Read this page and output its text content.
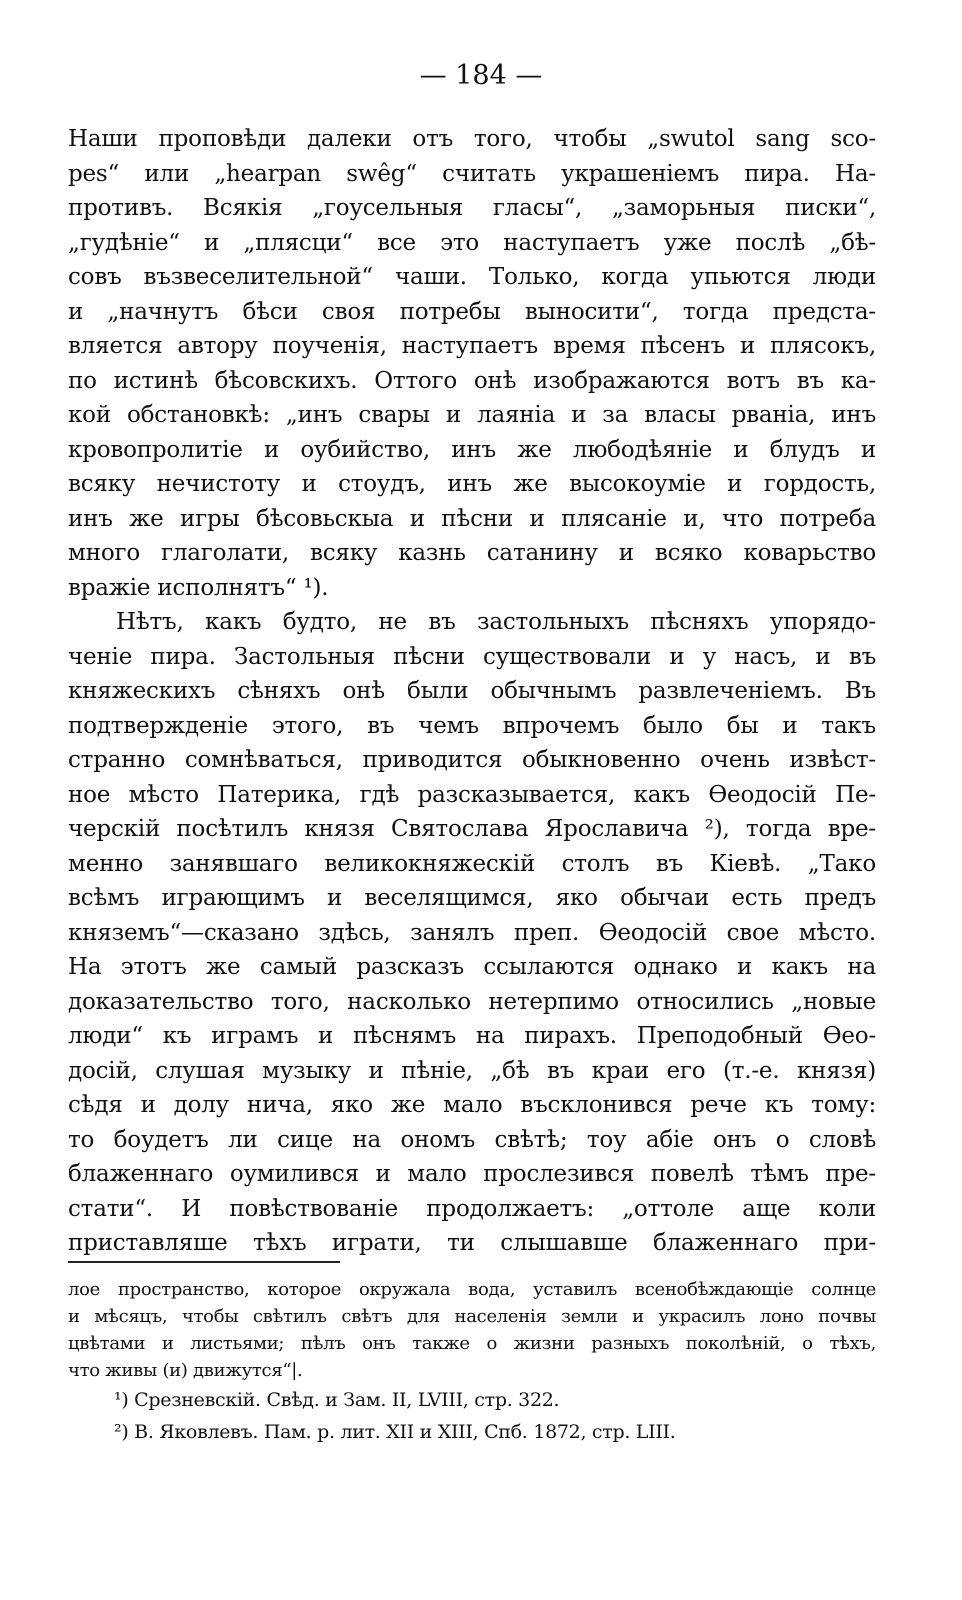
— 184 —
Наши проповѣди далеки отъ того, чтобы „swutol sang sco-
pes“ или „hearpan swêg“ считать украшеніемъ пира. На-
противъ. Всякія „гоусельныя гласы“, „заморьныя писки“,
„гудѣніе“ и „плясци“ все это наступаетъ уже послѣ „бѣ-
совъ възвеселительной“ чаши. Только, когда упьются люди
и „начнутъ бѣси своя потребы выносити“, тогда предста-
вляется автору поученія, наступаетъ время пѣсенъ и плясокъ,
по истинѣ бѣсовскихъ. Оттого онѣ изображаются вотъ въ ка-
кой обстановкѣ: „инъ свары и лаяніа и за власы рваніа, инъ
кровопролитіе и оубийство, инъ же любодѣяніе и блудъ и
всяку нечистоту и стоудъ, инъ же высокоуміе и гордость,
инъ же игры бѣсовьскыа и пѣсни и плясаніе и, что потреба
много глаголати, всяку казнь сатанину и всяко коварьство
вражіе исполнятъ“ ¹).
Нѣтъ, какъ будто, не въ застольныхъ пѣсняхъ упорядо-
ченіе пира. Застольныя пѣсни существовали и у насъ, и въ
княжескихъ сѣняхъ онѣ были обычнымъ развлеченіемъ. Въ
подтвержденіе этого, въ чемъ впрочемъ было бы и такъ
странно сомнѣваться, приводится обыкновенно очень извѣст-
ное мѣсто Патерика, гдѣ разсказывается, какъ Ѳеодосій Пе-
черскій посѣтилъ князя Святослава Ярославича ²), тогда вре-
менно занявшаго великокняжескій столъ въ Кіевѣ. „Тако
всѣмъ играющимъ и веселящимся, яко обычаи есть предъ
княземъ“—сказано здѣсь, занялъ преп. Ѳеодосій свое мѣсто.
На этотъ же самый разсказъ ссылаются однако и какъ на
доказательство того, насколько нетерпимо относились „новые
люди“ къ играмъ и пѣснямъ на пирахъ. Преподобный Ѳео-
досій, слушая музыку и пѣніе, „бѣ въ краи его (т.-е. князя)
сѣдя и долу нича, яко же мало въсклонився рече къ тому:
то боудетъ ли сице на ономъ свѣтѣ; тоу абіе онъ о словѣ
блаженнаго оумилився и мало прослезився повелѣ тѣмъ пре-
стати“. И повѣствованіе продолжаетъ: „оттоле аще коли
приставляше тѣхъ играти, ти слышавше блаженнаго при-
лое пространство, которое окружала вода, уставилъ всенобѣждающіе солнце
и мѣсяцъ, чтобы свѣтилъ свѣтъ для населенія земли и украсилъ лоно почвы
цвѣтами и листьями; пѣлъ онъ также о жизни разныхъ поколѣній, о тѣхъ,
что живы (и) движутся“|.
¹) Срезневскій. Свѣд. и Зам. II, LVIII, стр. 322.
²) В. Яковлевъ. Пам. р. лит. XII и XIII, Спб. 1872, стр. LIII.
